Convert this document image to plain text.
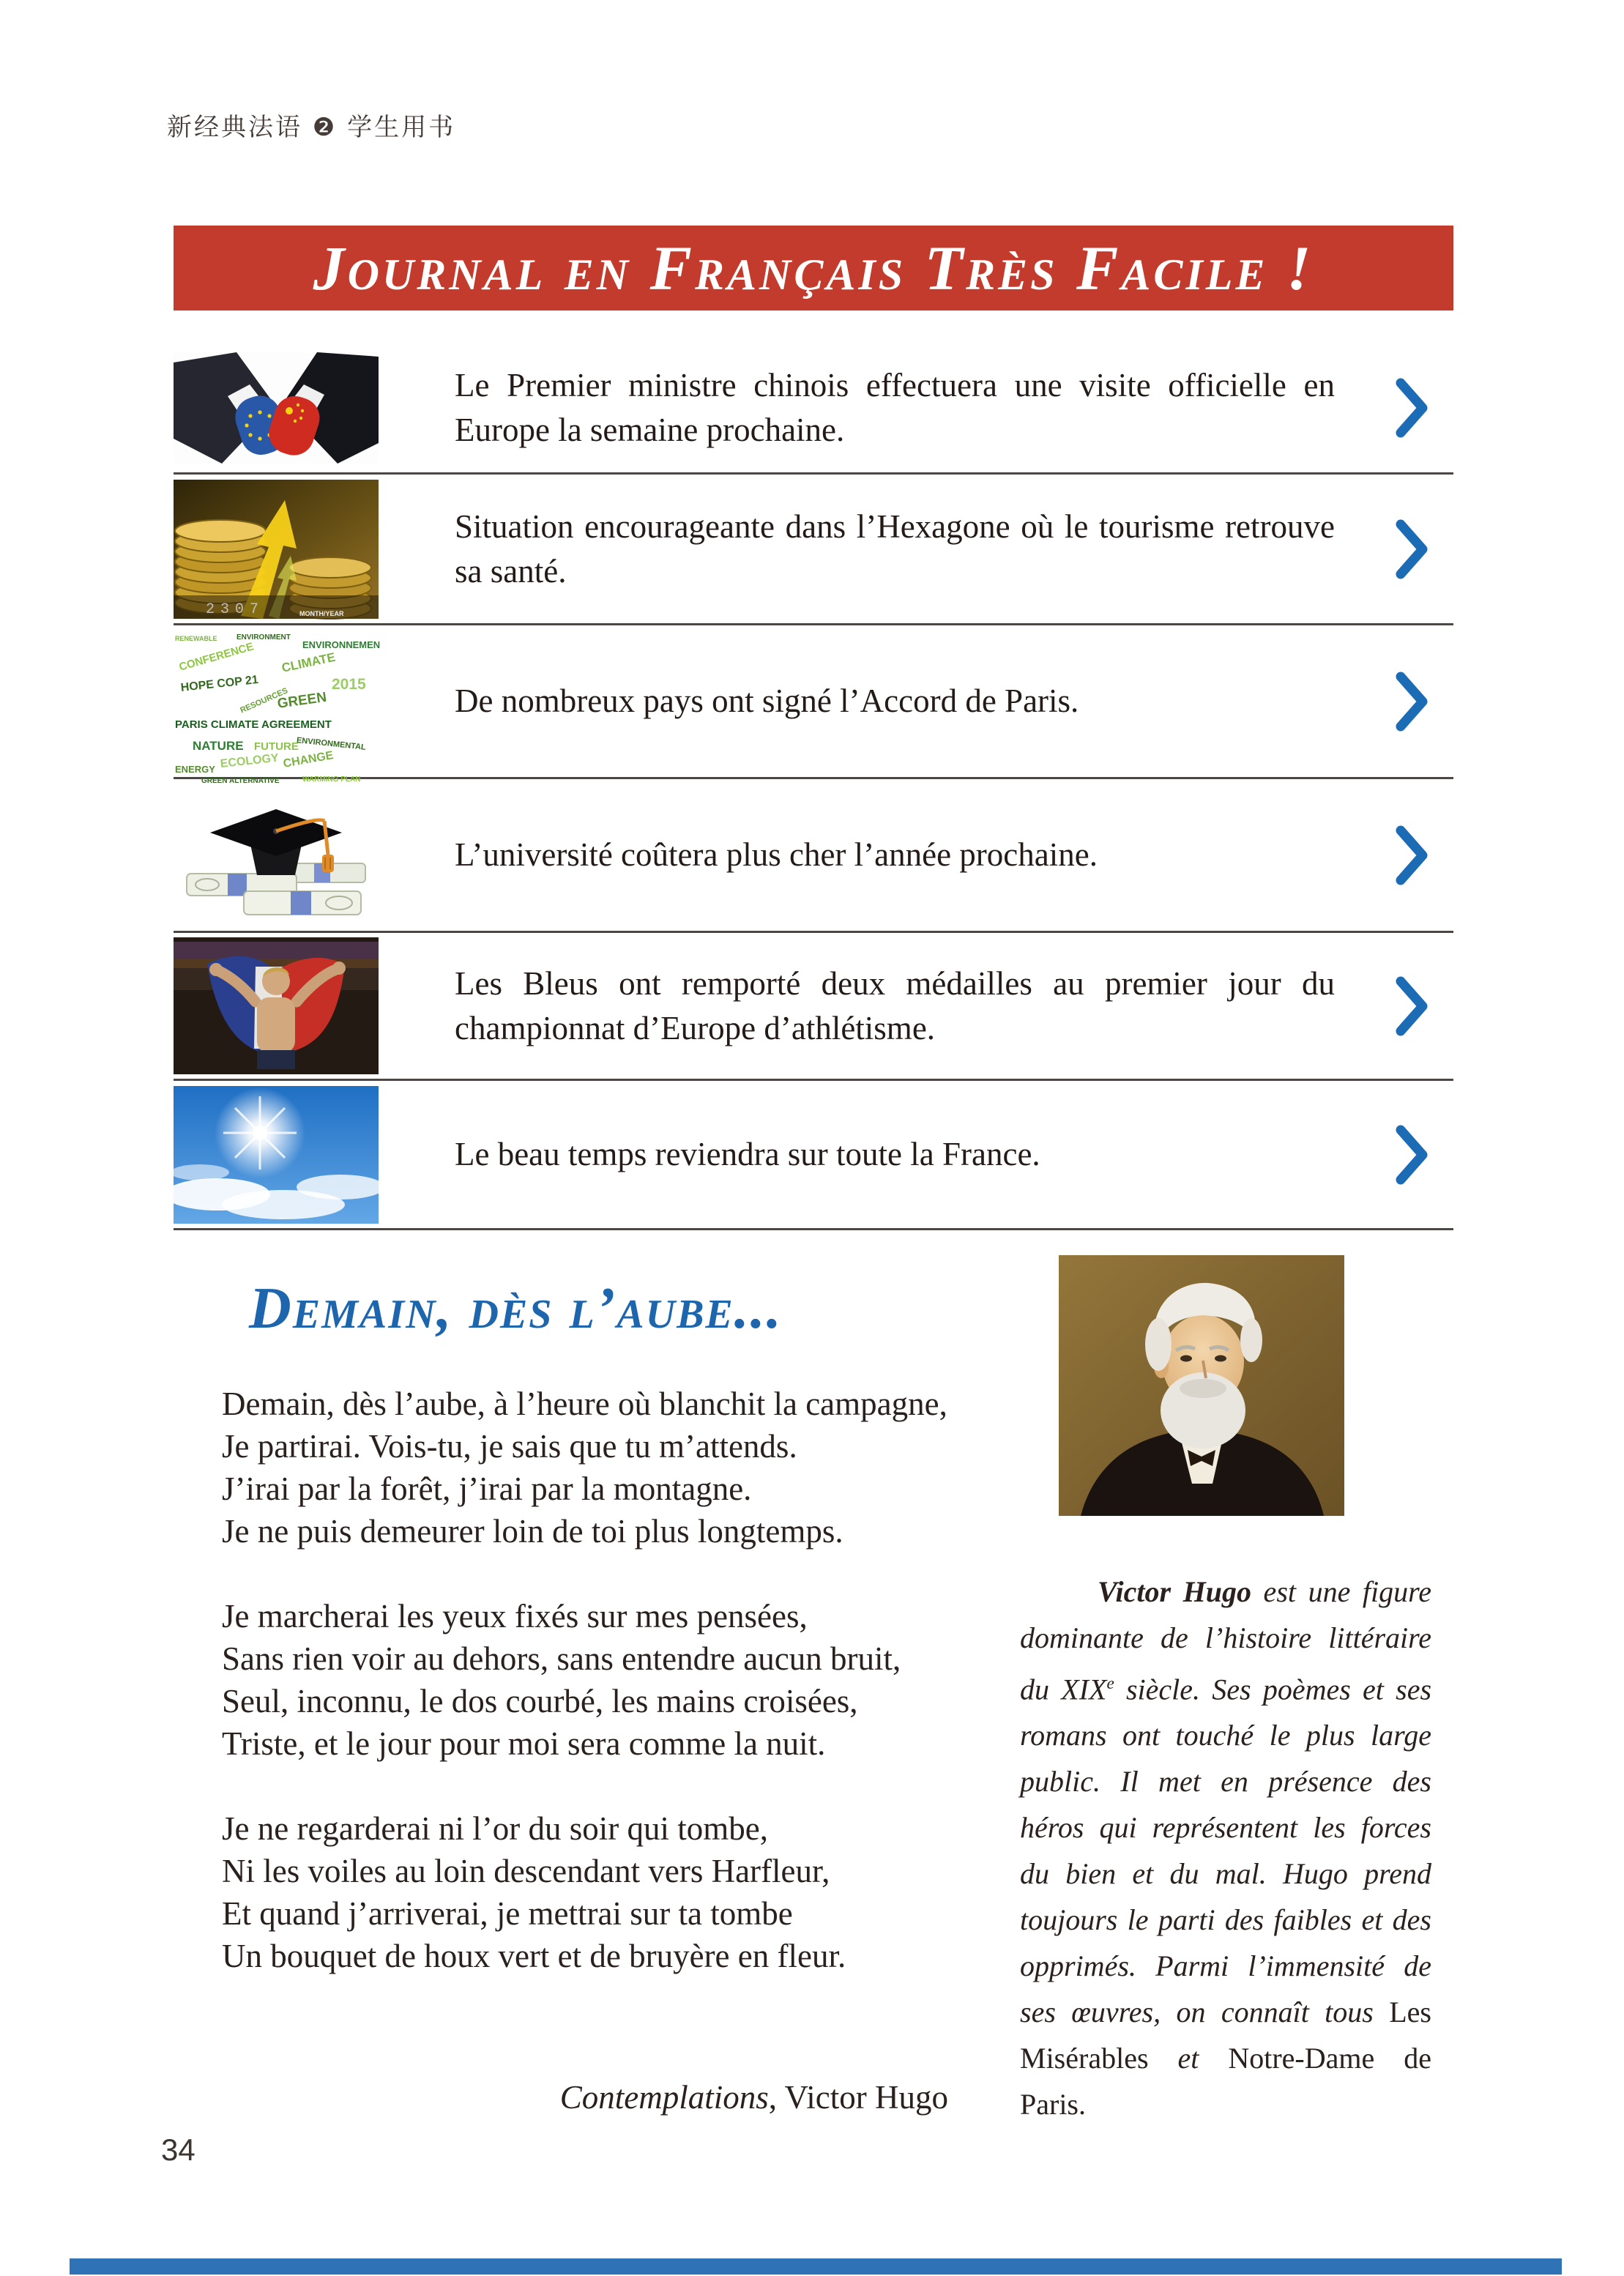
新经典法语 ❷ 学生用书
Journal en Français Très Facile !
Le Premier ministre chinois effectuera une visite officielle en Europe la semaine prochaine.
2307	MONTH/YEAR
Situation encourageante dans l’Hexagone où le tourisme retrouve sa santé.
RENEWABLE	ENVIRONMENT
ENVIRONNEMEN
CONFERENCE CLIMATE
HOPE COP 21	2015
GREEN
RESOURCES
PARIS CLIMATE AGREEMENT
NATURE FUTURE
ENVIRONMENTAL
ECOLOGY
ENERGY	CHANGE
GREEN ALTERNATIVE	WARMING PLAN
De nombreux pays ont signé l’Accord de Paris.
L’université coûtera plus cher l’année prochaine.
Les Bleus ont remporté deux médailles au premier jour du championnat d’Europe d’athlétisme.
Le beau temps reviendra sur toute la France.
Demain, dès l’aube...
Demain, dès l’aube, à l’heure où blanchit la campagne,
Je partirai. Vois-tu, je sais que tu m’attends.
J’irai par la forêt, j’irai par la montagne.
Je ne puis demeurer loin de toi plus longtemps.
Je marcherai les yeux fixés sur mes pensées,
Sans rien voir au dehors, sans entendre aucun bruit,
Seul, inconnu, le dos courbé, les mains croisées,
Triste, et le jour pour moi sera comme la nuit.
Je ne regarderai ni l’or du soir qui tombe,
Ni les voiles au loin descendant vers Harfleur,
Et quand j’arriverai, je mettrai sur ta tombe
Un bouquet de houx vert et de bruyère en fleur.
Contemplations, Victor Hugo
Victor Hugo est une figure dominante de l’histoire littéraire du XIXe siècle. Ses poèmes et ses romans ont touché le plus large public. Il met en présence des héros qui représentent les forces du bien et du mal. Hugo prend toujours le parti des faibles et des opprimés. Parmi l’immensité de ses œuvres, on connaît tous Les Misérables et Notre-Dame de Paris.
34
